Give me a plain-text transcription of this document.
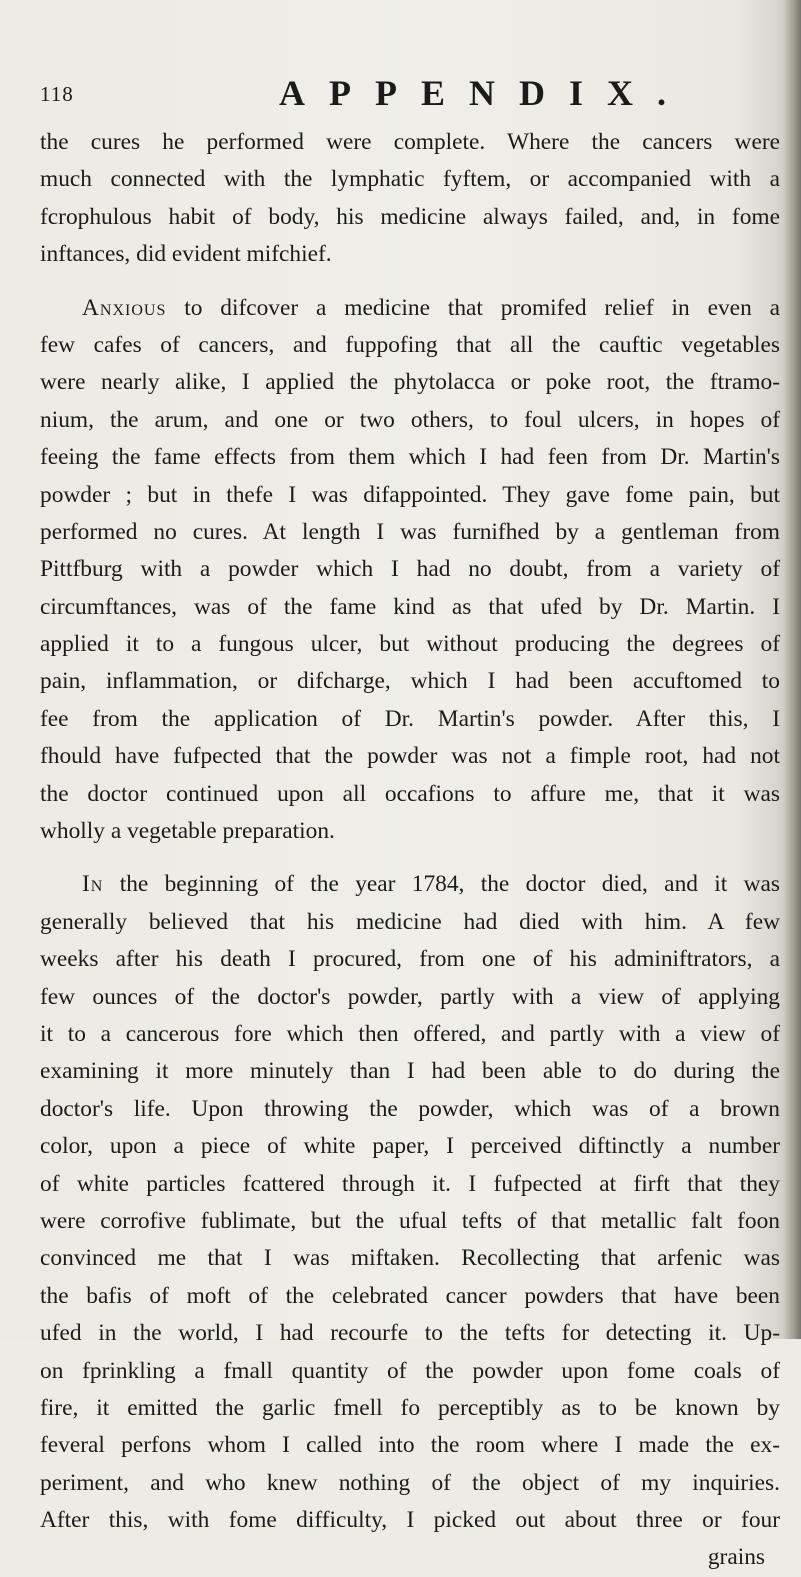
118	APPENDIX.
the cures he performed were complete. Where the cancers were
much connected with the lymphatic fyftem, or accompanied with a
fcrophulous habit of body, his medicine always failed, and, in fome
inftances, did evident mifchief.
Anxious to difcover a medicine that promifed relief in even a
few cafes of cancers, and fuppofing that all the cauftic vegetables
were nearly alike, I applied the phytolacca or poke root, the ftramo-
nium, the arum, and one or two others, to foul ulcers, in hopes of
feeing the fame effects from them which I had feen from Dr. Martin's
powder ; but in thefe I was difappointed. They gave fome pain, but
performed no cures. At length I was furnifhed by a gentleman from
Pittfburg with a powder which I had no doubt, from a variety of
circumftances, was of the fame kind as that ufed by Dr. Martin. I
applied it to a fungous ulcer, but without producing the degrees of
pain, inflammation, or difcharge, which I had been accuftomed to
fee from the application of Dr. Martin's powder. After this, I
fhould have fufpected that the powder was not a fimple root, had not
the doctor continued upon all occafions to affure me, that it was
wholly a vegetable preparation.
In the beginning of the year 1784, the doctor died, and it was
generally believed that his medicine had died with him. A few
weeks after his death I procured, from one of his adminiftrators, a
few ounces of the doctor's powder, partly with a view of applying
it to a cancerous fore which then offered, and partly with a view of
examining it more minutely than I had been able to do during the
doctor's life. Upon throwing the powder, which was of a brown
color, upon a piece of white paper, I perceived diftinctly a number
of white particles fcattered through it. I fufpected at firft that they
were corrofive fublimate, but the ufual tefts of that metallic falt foon
convinced me that I was miftaken. Recollecting that arfenic was
the bafis of moft of the celebrated cancer powders that have been
ufed in the world, I had recourfe to the tefts for detecting it. Up-
on fprinkling a fmall quantity of the powder upon fome coals of
fire, it emitted the garlic fmell fo perceptibly as to be known by
feveral perfons whom I called into the room where I made the ex-
periment, and who knew nothing of the object of my inquiries.
After this, with fome difficulty, I picked out about three or four
grains
